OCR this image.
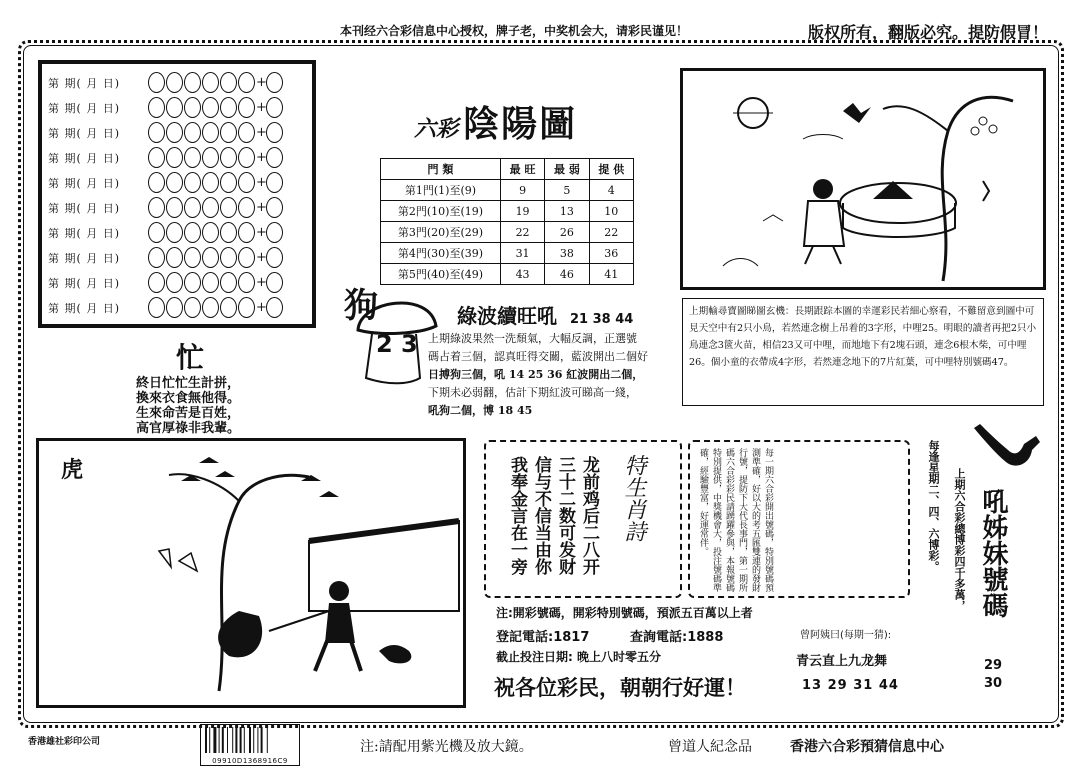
本刊经六合彩信息中心授权，牌子老，中奖机会大，请彩民谨见！	版权所有，翻版必究。提防假冒！
第 期( 月 日)	+
第 期( 月 日)	+
第 期( 月 日)	+
第 期( 月 日)	+
第 期( 月 日)	+
第 期( 月 日)	+
第 期( 月 日)	+
第 期( 月 日)	+
第 期( 月 日)	+
第 期( 月 日)	+
六彩 陰陽圖
門 類	最 旺	最 弱	提 供
第1門(1)至(9)	9	5	4
第2門(10)至(19)	19	13	10
第3門(20)至(29)	22	26	22
第4門(30)至(39)	31	38	36
第5門(40)至(49)	43	46	41
狗
2 3
綠波續旺吼 21 38 44
上期綠波果然一洗頹氣，大幅反調，正選號
碼占着三個，認真旺得交關，藍波開出二個好
日搏狗三個，吼 14 25 36 紅波開出二個，
下期未必弱翻，估計下期紅波可睇高一綫，
吼狗二個，博 18 45
上期輸尋寶圖睇圖玄機：長期跟踪本圖的幸運彩民若細心察看，不難留意到圖中可見天空中有2只小鳥，若然連念樹上吊着的3字形，中哩25。明眼的讀者再把2只小鳥連念3篋火苗，相信23又可中哩，而地地下有2塊石頭，連念6根木柴，可中哩26。個小童的衣帶成4字形，若然連念地下的7片紅葉，可中哩特別號碼47。
忙
終日忙忙生計拼，
換來衣食無他得。
生來命苦是百姓，
高官厚祿非我輩。
虎	龙前鸡后二八开
三十二数可发财
信与不信当由你
我奉金言在一旁	特生肖詩	每一期六合彩開出號碼，特別號碼預測準確，好以大的考五匯雙連的發財行號，提防下大代長事門，第一期所碼六合彩彩民請踴躍參與，本報號碼特別提供，中獎機會大，投注號碼準確，經驗豐富，好運常伴。	每逢星期二、四、六博彩。 上期六合彩總博彩四千多萬， 吼姊妹號碼
29
30
注:開彩號碼，開彩特別號碼，預派五百萬以上者
登記電話:1817	查詢電話:1888
截止投注日期: 晚上八时零五分
祝各位彩民，朝朝行好運！
曾阿姨曰(每期一猜):
青云直上九龙舞
13 29 31 44
香港雄社彩印公司
09910D1368916C9
注:請配用紫光機及放大鏡。	曾道人紀念品	香港六合彩預猜信息中心
